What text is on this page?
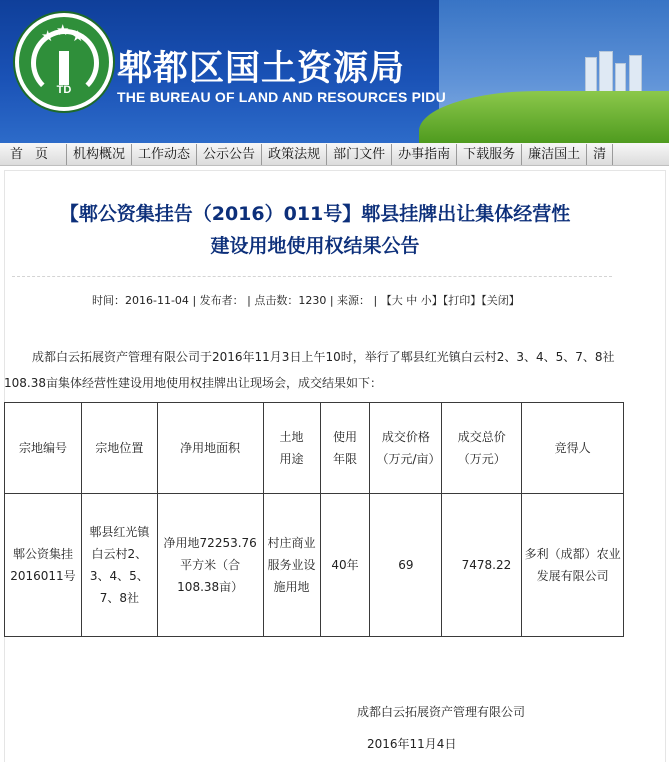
★ ★ ★
TD
郫都区国土资源局
THE BUREAU OF LAND AND RESOURCES PIDU
首页 机构概况 工作动态 公示公告 政策法规 部门文件 办事指南 下载服务 廉洁国土 清
【郫公资集挂告（2016）011号】郫县挂牌出让集体经营性
建设用地使用权结果公告
时间：2016-11-04 | 发布者： | 点击数：1230 | 来源： | 【大 中 小】【打印】【关闭】
成都白云拓展资产管理有限公司于2016年11月3日上午10时，举行了郫县红光镇白云村2、3、4、5、7、8社108.38亩集体经营性建设用地使用权挂牌出让现场会，成交结果如下：
宗地编号	宗地位置	净用地面积	土地用途	使用年限	成交价格（万元/亩）	成交总价（万元）	竞得人
郫公资集挂2016011号	郫县红光镇白云村2、3、4、5、7、8社	净用地72253.76平方米（合108.38亩）	村庄商业服务业设施用地	40年	69	7478.22	多利（成都）农业发展有限公司
成都白云拓展资产管理有限公司
2016年11月4日
